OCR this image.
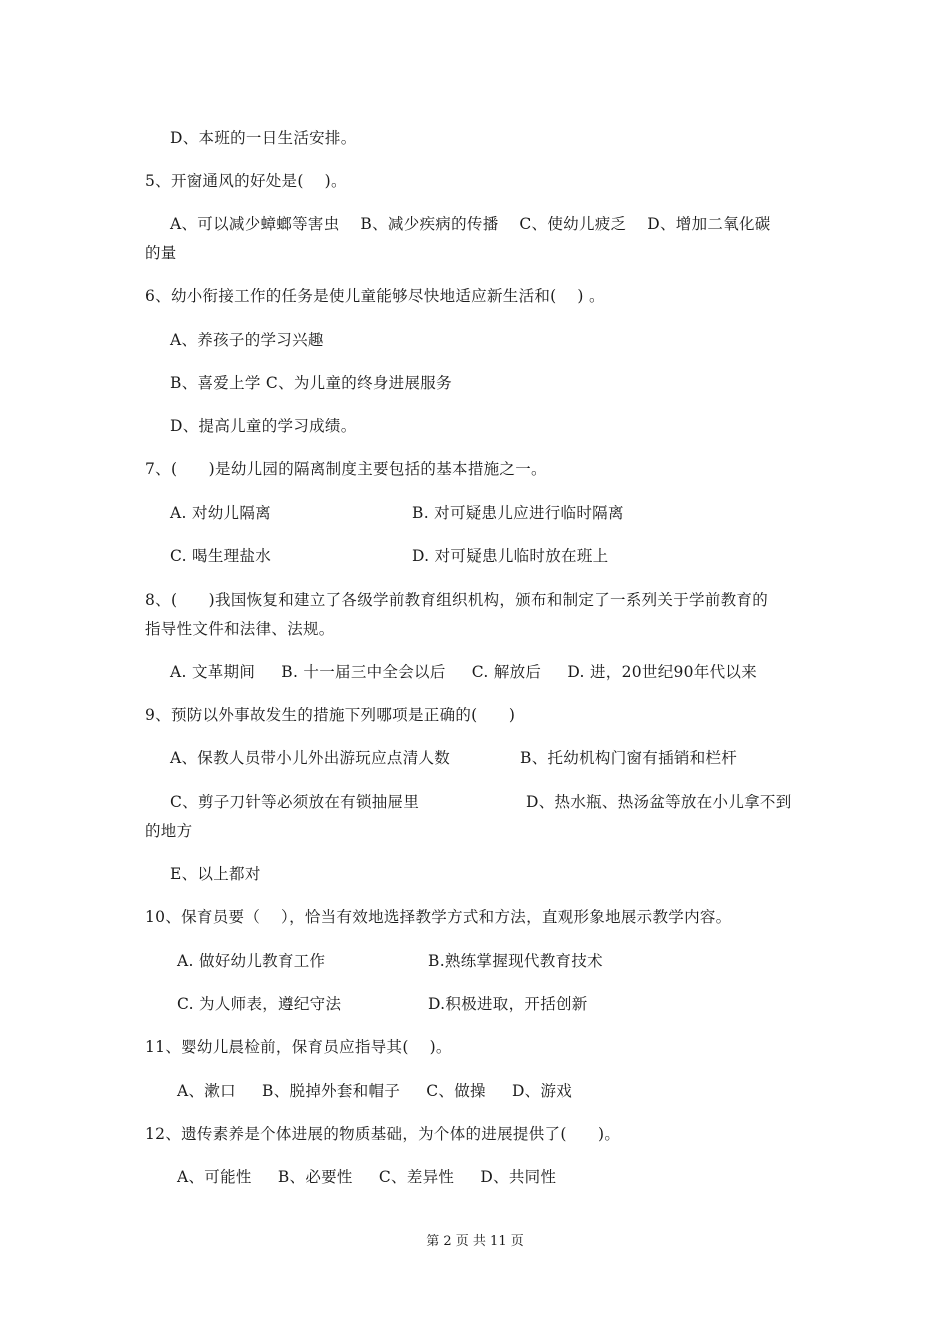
D、本班的一日生活安排。
5、开窗通风的好处是(    )。
A、可以减少蟑螂等害虫    B、减少疾病的传播    C、使幼儿疲乏    D、增加二氧化碳
的量
6、幼小衔接工作的任务是使儿童能够尽快地适应新生活和(    ) 。
A、养孩子的学习兴趣
B、喜爱上学 C、为儿童的终身进展服务
D、提高儿童的学习成绩。
7、(      )是幼儿园的隔离制度主要包括的基本措施之一。
A. 对幼儿隔离	B. 对可疑患儿应进行临时隔离
C. 喝生理盐水	D. 对可疑患儿临时放在班上
8、(      )我国恢复和建立了各级学前教育组织机构，颁布和制定了一系列关于学前教育的
指导性文件和法律、法规。
A. 文革期间     B. 十一届三中全会以后     C. 解放后     D. 进，20世纪90年代以来
9、预防以外事故发生的措施下列哪项是正确的(      )
A、保教人员带小儿外出游玩应点清人数	B、托幼机构门窗有插销和栏杆
C、剪子刀针等必须放在有锁抽屉里	D、热水瓶、热汤盆等放在小儿拿不到
的地方
E、以上都对
10、保育员要（    ），恰当有效地选择教学方式和方法，直观形象地展示教学内容。
A. 做好幼儿教育工作	B.熟练掌握现代教育技术
C. 为人师表，遵纪守法	D.积极进取，开括创新
11、婴幼儿晨检前，保育员应指导其(    )。
A、漱口     B、脱掉外套和帽子     C、做操     D、游戏
12、遗传素养是个体进展的物质基础，为个体的进展提供了(      )。
A、可能性     B、必要性     C、差异性     D、共同性
第 2 页 共 11 页
